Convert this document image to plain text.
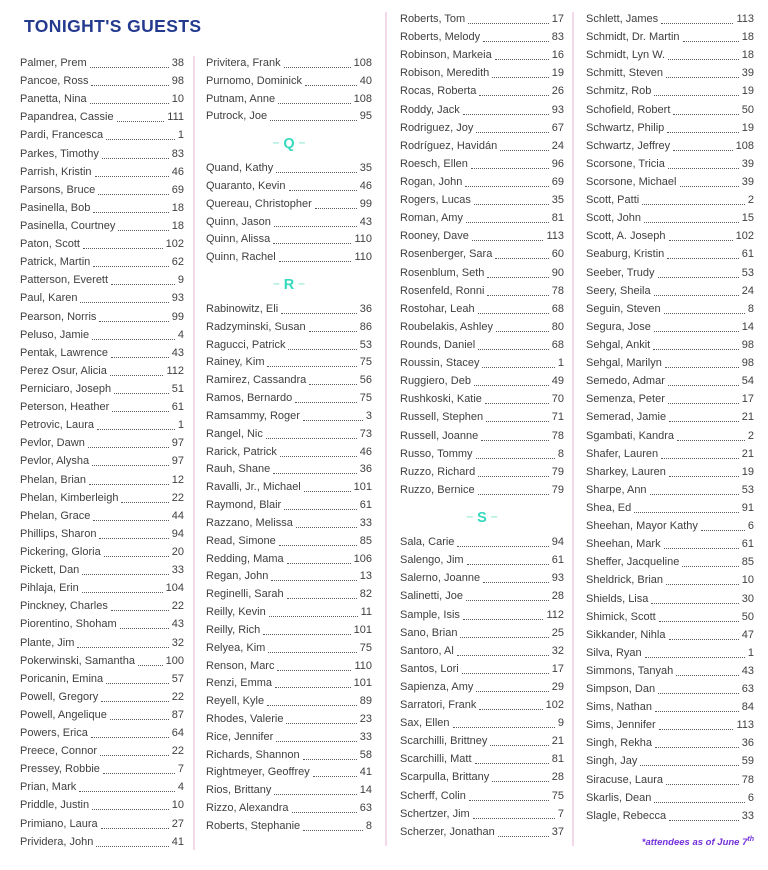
TONIGHT'S GUESTS
Palmer, Prem	38
Pancoe, Ross	98
Panetta, Nina	10
Papandrea, Cassie	111
Pardi, Francesca	1
Parkes, Timothy	83
Parrish, Kristin	46
Parsons, Bruce	69
Pasinella, Bob	18
Pasinella, Courtney	18
Paton, Scott	102
Patrick, Martin	62
Patterson, Everett	9
Paul, Karen	93
Pearson, Norris	99
Peluso, Jamie	4
Pentak, Lawrence	43
Perez Osur, Alicia	112
Perniciaro, Joseph	51
Peterson, Heather	61
Petrovic, Laura	1
Pevlor, Dawn	97
Pevlor, Alysha	97
Phelan, Brian	12
Phelan, Kimberleigh	22
Phelan, Grace	44
Phillips, Sharon	94
Pickering, Gloria	20
Pickett, Dan	33
Pihlaja, Erin	104
Pinckney, Charles	22
Piorentino, Shoham	43
Plante, Jim	32
Pokerwinski, Samantha	100
Poricanin, Emina	57
Powell, Gregory	22
Powell, Angelique	87
Powers, Erica	64
Preece, Connor	22
Pressey, Robbie	7
Prian, Mark	4
Priddle, Justin	10
Primiano, Laura	27
Prividera, John	41
Privitera, Frank	108
Purnomo, Dominick	40
Putnam, Anne	108
Putrock, Joe	95
– Q –
Quand, Kathy	35
Quaranto, Kevin	46
Quereau, Christopher	99
Quinn, Jason	43
Quinn, Alissa	110
Quinn, Rachel	110
– R –
Rabinowitz, Eli	36
Radzyminski, Susan	86
Ragucci, Patrick	53
Rainey, Kim	75
Ramirez, Cassandra	56
Ramos, Bernardo	75
Ramsammy, Roger	3
Rangel, Nic	73
Rarick, Patrick	46
Rauh, Shane	36
Ravalli, Jr., Michael	101
Raymond, Blair	61
Razzano, Melissa	33
Read, Simone	85
Redding, Mama	106
Regan, John	13
Reginelli, Sarah	82
Reilly, Kevin	11
Reilly, Rich	101
Relyea, Kim	75
Renson, Marc	110
Renzi, Emma	101
Reyell, Kyle	89
Rhodes, Valerie	23
Rice, Jennifer	33
Richards, Shannon	58
Rightmeyer, Geoffrey	41
Rios, Brittany	14
Rizzo, Alexandra	63
Roberts, Stephanie	8
Roberts, Tom	17
Roberts, Melody	83
Robinson, Markeia	16
Robison, Meredith	19
Rocas, Roberta	26
Roddy, Jack	93
Rodriguez, Joy	67
Rodríguez, Havidán	24
Roesch, Ellen	96
Rogan, John	69
Rogers, Lucas	35
Roman, Amy	81
Rooney, Dave	113
Rosenberger, Sara	60
Rosenblum, Seth	90
Rosenfeld, Ronni	78
Rostohar, Leah	68
Roubelakis, Ashley	80
Rounds, Daniel	68
Roussin, Stacey	1
Ruggiero, Deb	49
Rushkoski, Katie	70
Russell, Stephen	71
Russell, Joanne	78
Russo, Tommy	8
Ruzzo, Richard	79
Ruzzo, Bernice	79
– S –
Sala, Carie	94
Salengo, Jim	61
Salerno, Joanne	93
Salinetti, Joe	28
Sample, Isis	112
Sano, Brian	25
Santoro, Al	32
Santos, Lori	17
Sapienza, Amy	29
Sarratori, Frank	102
Sax, Ellen	9
Scarchilli, Brittney	21
Scarchilli, Matt	81
Scarpulla, Brittany	28
Scherff, Colin	75
Schertzer, Jim	7
Scherzer, Jonathan	37
Schlett, James	113
Schmidt, Dr. Martin	18
Schmidt, Lyn W.	18
Schmitt, Steven	39
Schmitz, Rob	19
Schofield, Robert	50
Schwartz, Philip	19
Schwartz, Jeffrey	108
Scorsone, Tricia	39
Scorsone, Michael	39
Scott, Patti	2
Scott, John	15
Scott, A. Joseph	102
Seaburg, Kristin	61
Seeber, Trudy	53
Seery, Sheila	24
Seguin, Steven	8
Segura, Jose	14
Sehgal, Ankit	98
Sehgal, Marilyn	98
Semedo, Admar	54
Semenza, Peter	17
Semerad, Jamie	21
Sgambati, Kandra	2
Shafer, Lauren	21
Sharkey, Lauren	19
Sharpe, Ann	53
Shea, Ed	91
Sheehan, Mayor Kathy	6
Sheehan, Mark	61
Sheffer, Jacqueline	85
Sheldrick, Brian	10
Shields, Lisa	30
Shimick, Scott	50
Sikkander, Nihla	47
Silva, Ryan	1
Simmons, Tanyah	43
Simpson, Dan	63
Sims, Nathan	84
Sims, Jennifer	113
Singh, Rekha	36
Singh, Jay	59
Siracuse, Laura	78
Skarlis, Dean	6
Slagle, Rebecca	33
*attendees as of June 7th
